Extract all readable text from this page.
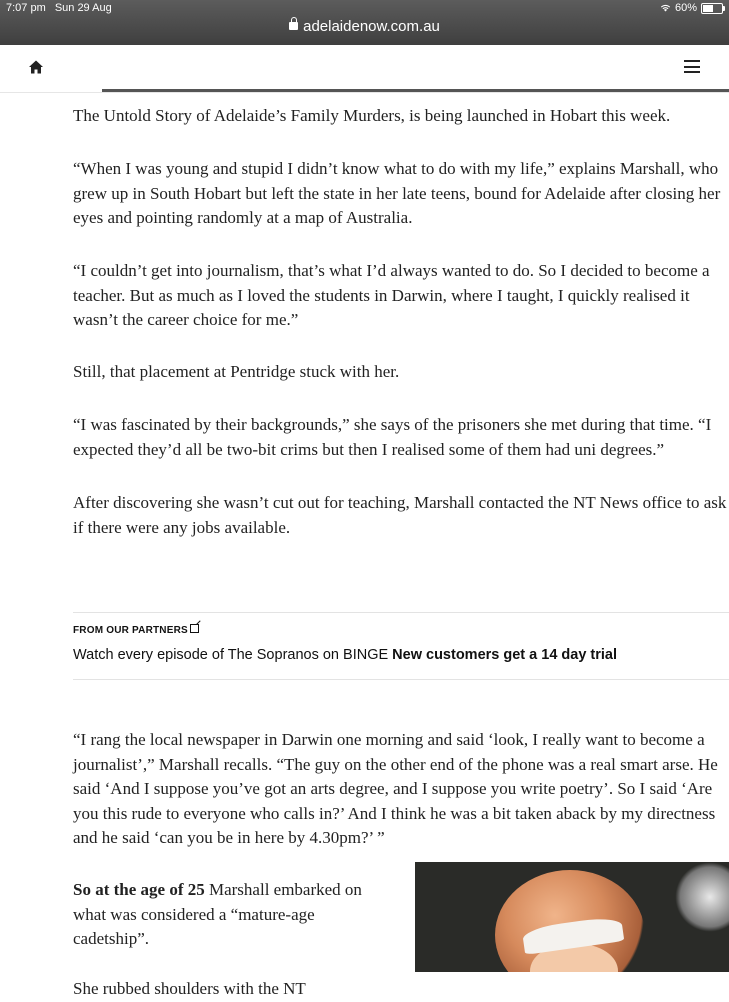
7:07 pm Sun 29 Aug	60%
adelaidenow.com.au

The Untold Story of Adelaide’s Family Murders, is being launched in Hobart this week.

“When I was young and stupid I didn’t know what to do with my life,” explains Marshall, who grew up in South Hobart but left the state in her late teens, bound for Adelaide after closing her eyes and pointing randomly at a map of Australia.

“I couldn’t get into journalism, that’s what I’d always wanted to do. So I decided to become a teacher. But as much as I loved the students in Darwin, where I taught, I quickly realised it wasn’t the career choice for me.”

Still, that placement at Pentridge stuck with her.

“I was fascinated by their backgrounds,” she says of the prisoners she met during that time. “I expected they’d all be two-bit crims but then I realised some of them had uni degrees.”

After discovering she wasn’t cut out for teaching, Marshall contacted the NT News office to ask if there were any jobs available.

FROM OUR PARTNERS
Watch every episode of The Sopranos on BINGE New customers get a 14 day trial

“I rang the local newspaper in Darwin one morning and said ‘look, I really want to become a journalist’,” Marshall recalls. “The guy on the other end of the phone was a real smart arse. He said ‘And I suppose you’ve got an arts degree, and I suppose you write poetry’. So I said ‘Are you this rude to everyone who calls in?’ And I think he was a bit taken aback by my directness and he said ‘can you be in here by 4.30pm?’ ”

So at the age of 25 Marshall embarked on what was considered a “mature-age cadetship”.

She rubbed shoulders with the NT
